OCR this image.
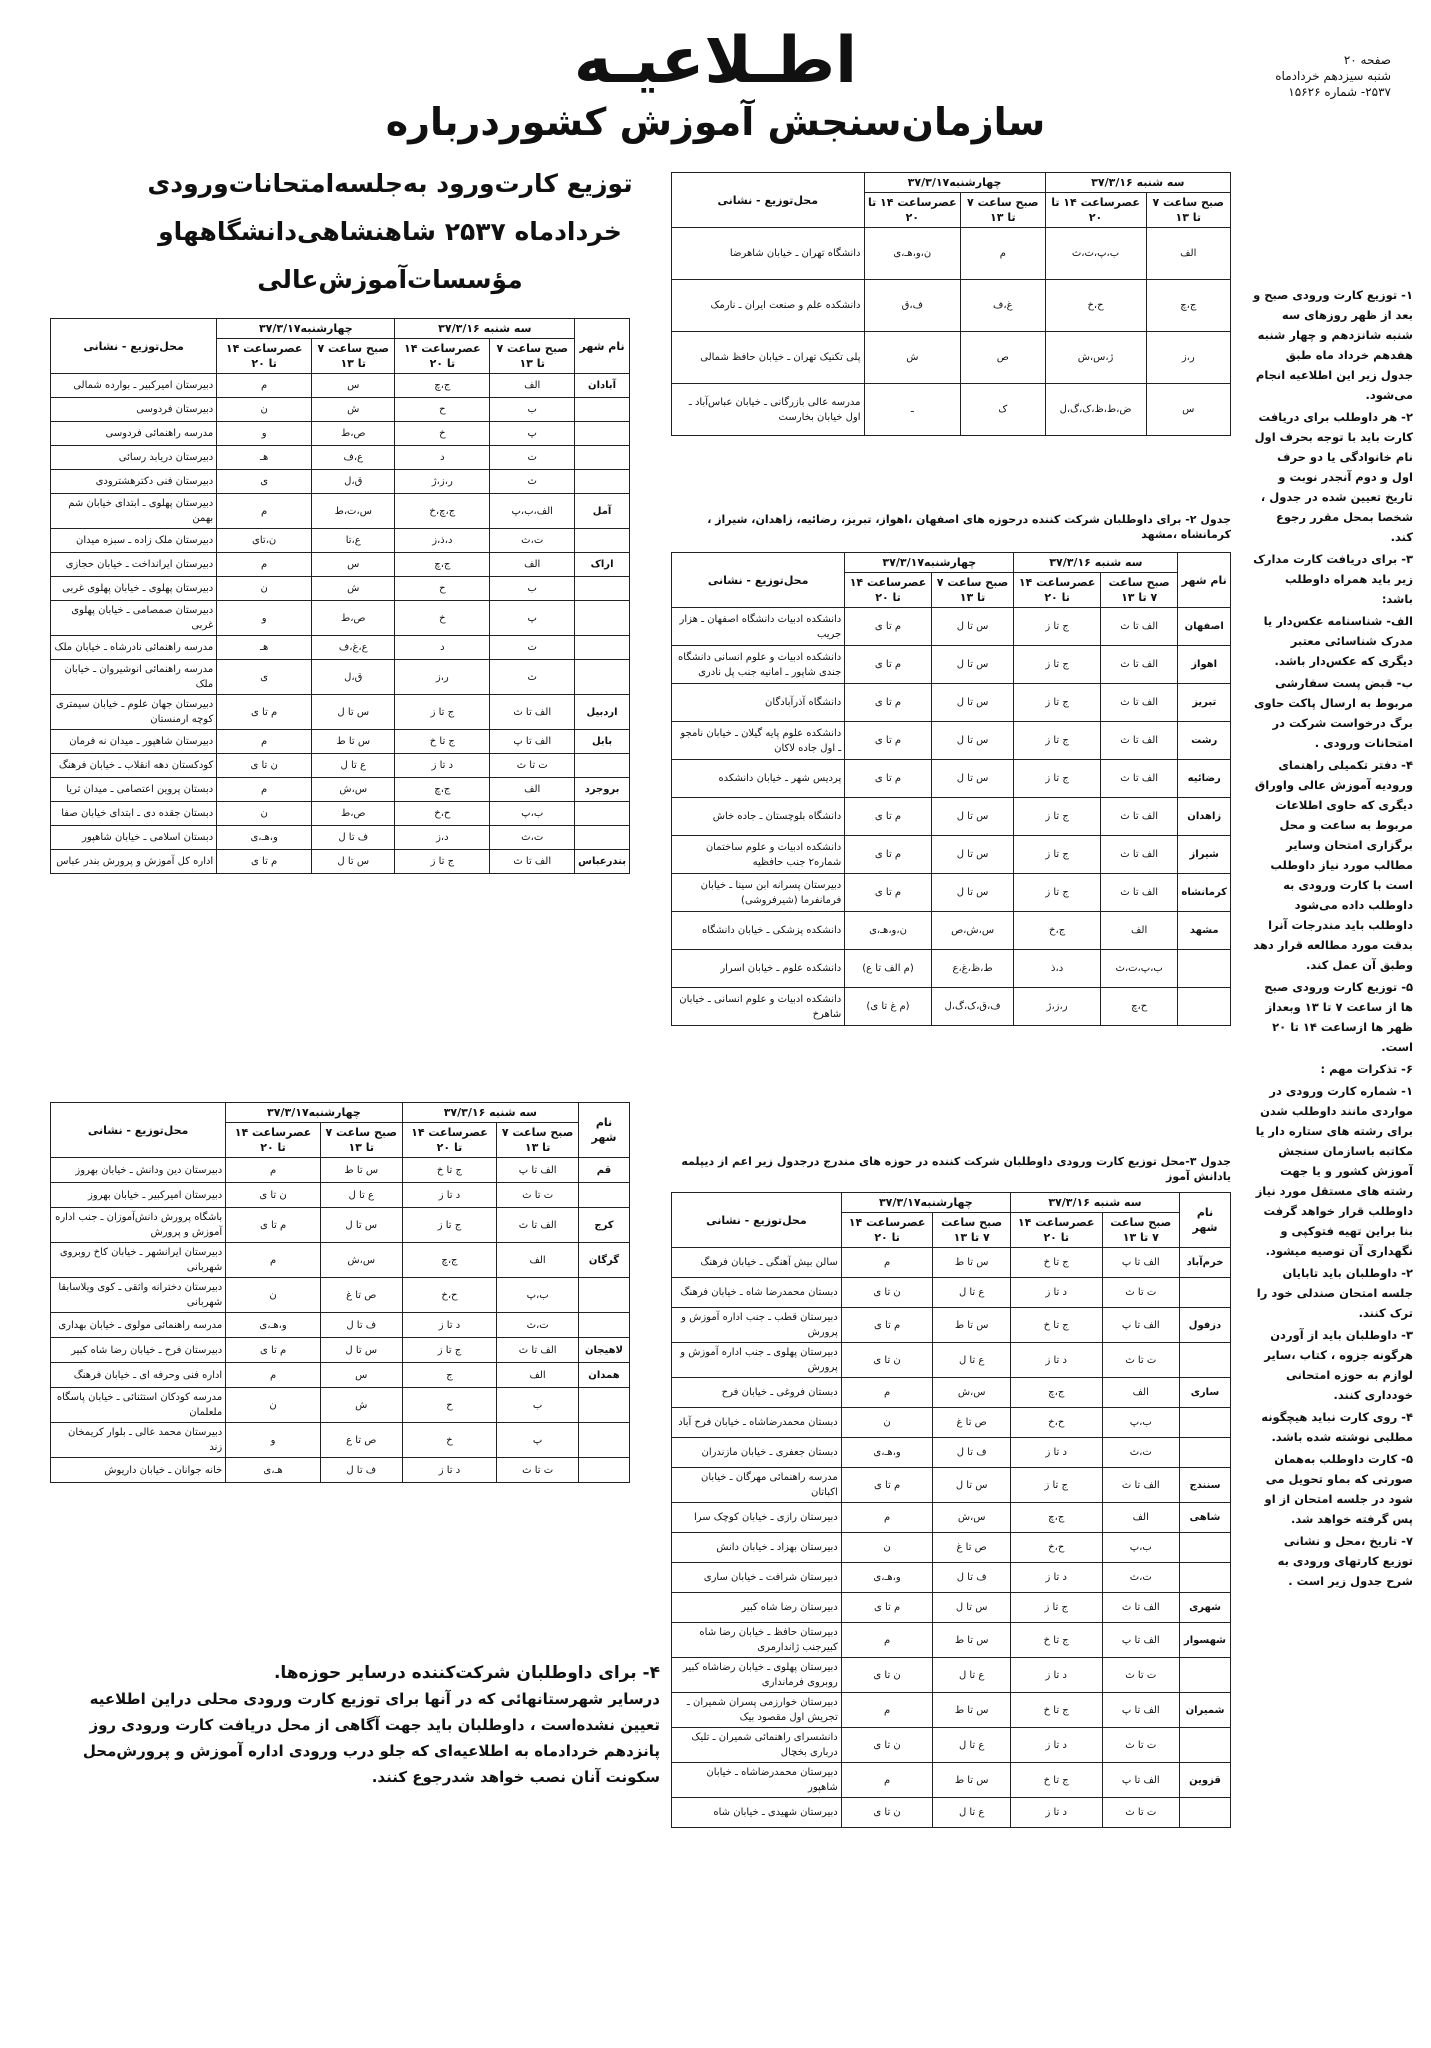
صفحه ۲۰
شنبه سیزدهم خردادماه
۲۵۳۷- شماره ۱۵۶۲۶
اطـلاعیـه
سازمان‌سنجش آموزش کشوردرباره
توزیع کارت‌ورود به‌جلسه‌امتحانات‌ورودی
خردادماه ۲۵۳۷ شاهنشاهی‌دانشگاههاو
مؤسسات‌آموزش‌عالی

۱- توزیع کارت ورودی صبح و بعد از ظهر روزهای سه شنبه شانزدهم و چهار شنبه هفدهم خرداد ماه طبق جدول زیر این اطلاعیه انجام می‌شود.

۲- هر داوطلب برای دریافت کارت باید با توجه بحرف اول نام خانوادگی یا دو حرف اول و دوم آنجدر نوبت و تاریخ تعیین شده در جدول ، شخصا بمحل مقرر رجوع کند.

۳- برای دریافت کارت مدارک زیر باید همراه داوطلب باشد:

الف- شناسنامه عکس‌دار یا مدرک شناسائی معتبر دیگری که عکس‌دار باشد.

ب- قبض پست سفارشی مربوط به ارسال پاکت حاوی برگ درخواست شرکت در امتحانات ورودی .

۴- دفتر تکمیلی راهنمای ورودیه آموزش عالی واوراق دیگری که حاوی اطلاعات مربوط به ساعت و محل برگزاری امتحان وسایر مطالب مورد نیاز داوطلب است با کارت ورودی به داوطلب داده می‌شود داوطلب باید مندرجات آنرا بدقت مورد مطالعه قرار دهد وطبق آن عمل کند.

۵- توزیع کارت ورودی صبح ها از ساعت ۷ تا ۱۳ وبعداز ظهر ها ازساعت ۱۴ تا ۲۰ است.

۶- تذکرات مهم :

۱- شماره کارت ورودی در مواردی مانند داوطلب شدن برای رشته های ستاره دار یا مکاتبه باسازمان سنجش آموزش کشور و یا جهت رشته های مستقل مورد نیاز داوطلب قرار خواهد گرفت بنا براین تهیه فتوکپی و نگهداری آن توصیه میشود.

۲- داوطلبان باید تابایان جلسه امتحان صندلی خود را ترک کنند.

۳- داوطلبان باید از آوردن هرگونه جزوه ، کتاب ،سایر لوازم به حوزه امتحانی خودداری کنند.

۴- روی کارت نباید هیچگونه مطلبی نوشته شده باشد.

۵- کارت داوطلب به‌همان صورتی که بماو تحویل می شود در جلسه امتحان از او پس گرفته خواهد شد.

۷- تاریخ ،محل و نشانی توزیع کارتهای ورودی به شرح جدول زیر است .

سه شنبه ۳۷/۳/۱۶		چهارشنبه۳۷/۳/۱۷		محل‌توزیع - نشانی
صبح ساعت ۷ تا ۱۳	عصرساعت ۱۴ تا ۲۰	صبح ساعت ۷ تا ۱۳	عصرساعت ۱۴ تا ۲۰	
الف	ب،پ،ت،ث	م	ن،و،هـ،ی	دانشگاه تهران ـ خیابان شاهرضا
ج،چ	ح،خ	غ،ف	ف،ق	دانشکده علم و صنعت ایران ـ نارمک
ر،ز	ژ،س،ش	ص	ش	پلی تکنیک تهران ـ خیابان حافظ شمالی
س	ض،ط،ظ،ک،گ،ل	ک	ـ	مدرسه عالی بازرگانی ـ خیابان عباس‌آباد ـ اول خیابان بخارست
جدول ۲- برای داوطلبان شرکت کننده درحوزه های اصفهان ،اهواز، تبریز، رضائیه، زاهدان، شیراز ، کرمانشاه ،مشهد
نام شهر	سه شنبه ۳۷/۳/۱۶		چهارشنبه۳۷/۳/۱۷		محل‌توزیع - نشانی
	صبح ساعت ۷ تا ۱۳	عصرساعت ۱۴ تا ۲۰	صبح ساعت ۷ تا ۱۳	عصرساعت ۱۴ تا ۲۰	
اصفهان	الف تا ث	ج تا ز	س تا ل	م تا ی	دانشکده ادبیات دانشگاه اصفهان ـ هزار جریب
اهواز	الف تا ث	ج تا ز	س تا ل	م تا ی	دانشکده ادبیات و علوم انسانی دانشگاه جندی شاپور ـ امانیه جنب پل نادری
تبریز	الف تا ث	ج تا ز	س تا ل	م تا ی	دانشگاه آذرآبادگان
رشت	الف تا ث	ج تا ز	س تا ل	م تا ی	دانشکده علوم پایه گیلان ـ خیابان نامجو ـ اول جاده لاکان
رضائیه	الف تا ث	ج تا ز	س تا ل	م تا ی	پردیس شهر ـ خیابان دانشکده
زاهدان	الف تا ث	ج تا ز	س تا ل	م تا ی	دانشگاه بلوچستان ـ جاده خاش
شیراز	الف تا ث	ج تا ز	س تا ل	م تا ی	دانشکده ادبیات و علوم ساختمان شماره۲ جنب حافظیه
کرمانشاه	الف تا ث	ج تا ز	س تا ل	م تا ی	دبیرستان پسرانه ابن سینا ـ خیابان فرمانفرما (شیرفروشی)
مشهد	الف	ج،خ	س،ش،ص	ن،و،هـ،ی	دانشکده پزشکی ـ خیابان دانشگاه
	ب،پ،ت،ث	د،ذ	ط،ظ،غ،ع	(م الف تا ع)	دانشکده علوم ـ خیابان اسرار
	ح،چ	ر،ز،ژ	ف،ق،ک،گ،ل	(م غ تا ی)	دانشکده ادبیات و علوم انسانی ـ خیابان شاهرخ
جدول ۳-محل توزیع کارت ورودی داوطلبان شرکت کننده در حوزه های مندرج درجدول زیر اعم از دیپلمه یادانش آموز
نام شهر	سه شنبه ۳۷/۳/۱۶		چهارشنبه۳۷/۳/۱۷		محل‌توزیع - نشانی
	صبح ساعت ۷ تا ۱۳	عصرساعت ۱۴ تا ۲۰	صبح ساعت ۷ تا ۱۳	عصرساعت ۱۴ تا ۲۰	
خرم‌آباد	الف تا پ	ج تا خ	س تا ط	م	سالن بیش آهنگی ـ خیابان فرهنگ
	ت تا ث	د تا ز	ع تا ل	ن تا ی	دبستان محمدرضا شاه ـ خیابان فرهنگ
دزفول	الف تا پ	ج تا خ	س تا ط	م تا ی	دبیرستان قطب ـ جنب اداره آموزش و پرورش
	ت تا ث	د تا ز	ع تا ل	ن تا ی	دبیرستان پهلوی ـ جنب اداره آموزش و پرورش
ساری	الف	ج،چ	س،ش	م	دبستان فروغی ـ خیابان فرح
	ب،پ	ح،خ	ص تا غ	ن	دبستان محمدرضاشاه ـ خیابان فرح آباد
	ت،ث	د تا ز	ف تا ل	و،هـ،ی	دبستان جعفری ـ خیابان مازندران
سنندج	الف تا ث	ج تا ز	س تا ل	م تا ی	مدرسه راهنمائی مهرگان ـ خیابان اکباتان
شاهی	الف	ج،چ	س،ش	م	دبیرستان رازی ـ خیابان کوچک سرا
	ب،پ	ح،خ	ص تا غ	ن	دبیرستان بهزاد ـ خیابان دانش
	ت،ث	د تا ز	ف تا ل	و،هـ،ی	دبیرستان شرافت ـ خیابان ساری
شهری	الف تا ث	ج تا ز	س تا ل	م تا ی	دبیرستان رضا شاه کبیر
شهسوار	الف تا پ	ج تا خ	س تا ط	م	دبیرستان حافظ ـ خیابان رضا شاه کبیرجنب ژاندارمری
	ت تا ث	د تا ز	ع تا ل	ن تا ی	دبیرستان پهلوی ـ خیابان رضاشاه کبیر روبروی فرمانداری
شمیران	الف تا پ	ج تا خ	س تا ط	م	دبیرستان خوارزمی پسران شمیران ـ تجریش اول مقصود بیک
	ت تا ث	د تا ز	ع تا ل	ن تا ی	دانشسرای راهنمائی شمیران ـ تلیک درباری بخچال
قزوین	الف تا پ	ج تا خ	س تا ط	م	دبیرستان محمدرضاشاه ـ خیابان شاهپور
	ت تا ث	د تا ز	ع تا ل	ن تا ی	دبیرستان شهیدی ـ خیابان شاه
نام شهر	سه شنبه ۳۷/۳/۱۶		چهارشنبه۳۷/۳/۱۷		محل‌توزیع - نشانی
	صبح ساعت ۷ تا ۱۳	عصرساعت ۱۴ تا ۲۰	صبح ساعت ۷ تا ۱۳	عصرساعت ۱۴ تا ۲۰	
آبادان	الف	ج،چ	س	م	دبیرستان امیرکبیر ـ بوارده شمالی
	ب	ح	ش	ن	دبیرستان فردوسی
	پ	خ	ص،ط	و	مدرسه راهنمائی فردوسی
	ت	د	ع،ف	هـ	دبیرستان دریابد رسائی
	ث	ر،ز،ژ	ق،ل	ی	دبیرستان فنی دکترهشترودی
آمل	الف،ب،پ	ج،چ،خ	س،ت،ط	م	دبیرستان پهلوی ـ ابتدای خیابان شم بهمن
	ت،ث	د،ذ،ز	ع،تا	ن،تای	دبیرستان ملک زاده ـ سبزه میدان
اراک	الف	ج،چ	س	م	دبیرستان ایرانداخت ـ خیابان حجازی
	ب	ح	ش	ن	دبیرستان پهلوی ـ خیابان پهلوی غربی
	پ	خ	ص،ط	و	دبیرستان صمصامی ـ خیابان پهلوی غربی
	ت	د	ع،غ،ف	هـ	مدرسه راهنمائی نادرشاه ـ خیابان ملک
	ث	ر،ز	ق،ل	ی	مدرسه راهنمائی انوشیروان ـ خیابان ملک
اردبیل	الف تا ث	ج تا ز	س تا ل	م تا ی	دبیرستان جهان علوم ـ خیابان سیمتری کوچه ارمنستان
بابل	الف تا پ	ج تا خ	س تا ط	م	دبیرستان شاهپور ـ میدان نه فرمان
	ت تا ث	د تا ز	ع تا ل	ن تا ی	کودکستان دهه انقلاب ـ خیابان فرهنگ
بروجرد	الف	ج،چ	س،ش	م	دبستان پروین اعتصامی ـ میدان ثریا
	ب،پ	ح،خ	ص،ط	ن	دبستان جقده دی ـ ابتدای خیابان صفا
	ت،ث	د،ز	ف تا ل	و،هـ،ی	دبستان اسلامی ـ خیابان شاهپور
بندرعباس	الف تا ث	ج تا ز	س تا ل	م تا ی	اداره کل آموزش و پرورش بندر عباس
نام شهر	سه شنبه ۳۷/۳/۱۶		چهارشنبه۳۷/۳/۱۷		محل‌توزیع - نشانی
	صبح ساعت ۷ تا ۱۳	عصرساعت ۱۴ تا ۲۰	صبح ساعت ۷ تا ۱۳	عصرساعت ۱۴ تا ۲۰	
قم	الف تا پ	ج تا خ	س تا ط	م	دبیرستان دین ودانش ـ خیابان بهروز
	ت تا ث	د تا ز	ع تا ل	ن تا ی	دبیرستان امیرکبیر ـ خیابان بهروز
کرج	الف تا ث	ج تا ز	س تا ل	م تا ی	باشگاه پرورش دانش‌آموزان ـ جنب اداره آموزش و پرورش
گرگان	الف	ج،چ	س،ش	م	دبیرستان ایرانشهر ـ خیابان کاخ روبروی شهربانی
	ب،پ	ح،خ	ص تا غ	ن	دبیرستان دخترانه واثقی ـ کوی ویلاسابقا شهربانی
	ت،ث	د تا ز	ف تا ل	و،هـ،ی	مدرسه راهنمائی مولوی ـ خیابان بهداری
لاهیجان	الف تا ث	ج تا ز	س تا ل	م تا ی	دبیرستان فرح ـ خیابان رضا شاه کبیر
همدان	الف	ج	س	م	اداره فنی وحرفه ای ـ خیابان فرهنگ
	ب	ح	ش	ن	مدرسه کودکان استثنائی ـ خیابان پاسگاه ملعلمان
	پ	خ	ص تا ع	و	دبیرستان محمد عالی ـ بلوار کریمخان زند
	ت تا ث	د تا ز	ف تا ل	هـ،ی	خانه جوانان ـ خیابان داریوش
۴- برای داوطلبان شرکت‌کننده درسایر حوزه‌ها.

درسایر شهرستانهائی که در آنها برای توزیع کارت ورودی محلی دراین اطلاعیه تعیین نشده‌است ، داوطلبان باید جهت آگاهی از محل دریافت کارت ورودی روز پانزدهم خردادماه به اطلاعیه‌ای که جلو درب ورودی اداره آموزش و پرورش‌محل سکونت آنان نصب خواهد شد‌رجوع کنند.
